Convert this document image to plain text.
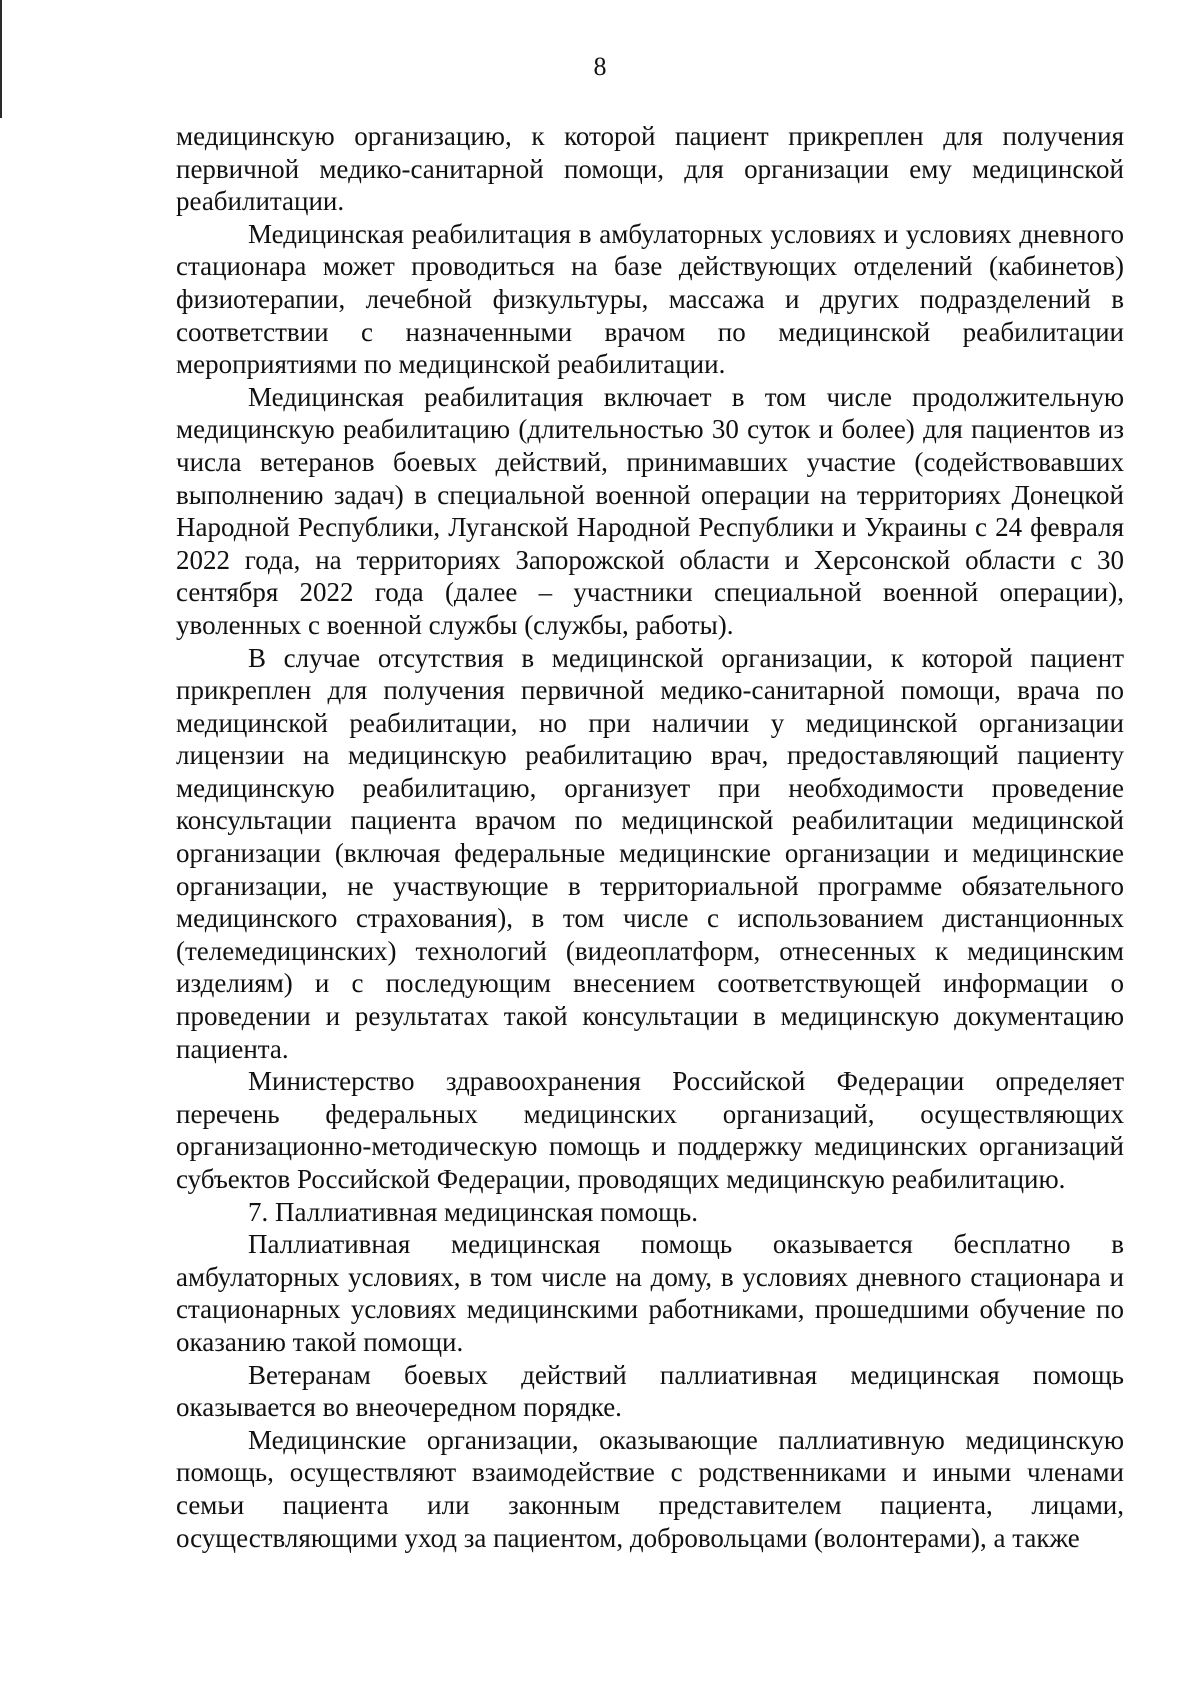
8

медицинскую организацию, к которой пациент прикреплен для получения первичной медико-санитарной помощи, для организации ему медицинской реабилитации.

Медицинская реабилитация в амбулаторных условиях и условиях дневного стационара может проводиться на базе действующих отделений (кабинетов) физиотерапии, лечебной физкультуры, массажа и других подразделений в соответствии с назначенными врачом по медицинской реабилитации мероприятиями по медицинской реабилитации.

Медицинская реабилитация включает в том числе продолжительную медицинскую реабилитацию (длительностью 30 суток и более) для пациентов из числа ветеранов боевых действий, принимавших участие (содействовавших выполнению задач) в специальной военной операции на территориях Донецкой Народной Республики, Луганской Народной Республики и Украины с 24 февраля 2022 года, на территориях Запорожской области и Херсонской области с 30 сентября 2022 года (далее – участники специальной военной операции), уволенных с военной службы (службы, работы).

В случае отсутствия в медицинской организации, к которой пациент прикреплен для получения первичной медико-санитарной помощи, врача по медицинской реабилитации, но при наличии у медицинской организации лицензии на медицинскую реабилитацию врач, предоставляющий пациенту медицинскую реабилитацию, организует при необходимости проведение консультации пациента врачом по медицинской реабилитации медицинской организации (включая федеральные медицинские организации и медицинские организации, не участвующие в территориальной программе обязательного медицинского страхования), в том числе с использованием дистанционных (телемедицинских) технологий (видеоплатформ, отнесенных к медицинским изделиям) и с последующим внесением соответствующей информации о проведении и результатах такой консультации в медицинскую документацию пациента.

Министерство здравоохранения Российской Федерации определяет перечень федеральных медицинских организаций, осуществляющих организационно-методическую помощь и поддержку медицинских организаций субъектов Российской Федерации, проводящих медицинскую реабилитацию.

7. Паллиативная медицинская помощь.

Паллиативная медицинская помощь оказывается бесплатно в амбулаторных условиях, в том числе на дому, в условиях дневного стационара и стационарных условиях медицинскими работниками, прошедшими обучение по оказанию такой помощи.

Ветеранам боевых действий паллиативная медицинская помощь оказывается во внеочередном порядке.

Медицинские организации, оказывающие паллиативную медицинскую помощь, осуществляют взаимодействие с родственниками и иными членами семьи пациента или законным представителем пациента, лицами, осуществляющими уход за пациентом, добровольцами (волонтерами), а также
